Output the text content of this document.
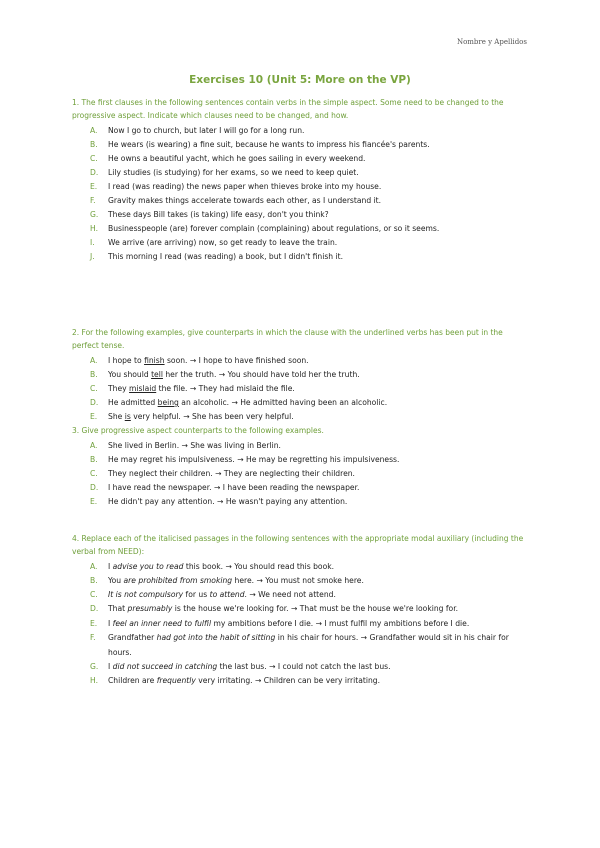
Nombre y Apellidos
Exercises 10 (Unit 5: More on the VP)

1. The first clauses in the following sentences contain verbs in the simple aspect. Some need to be changed to the progressive aspect. Indicate which clauses need to be changed, and how.

A. Now I go to church, but later I will go for a long run.
B. He wears (is wearing) a fine suit, because he wants to impress his fiancée's parents.
C. He owns a beautiful yacht, which he goes sailing in every weekend.
D. Lily studies (is studying) for her exams, so we need to keep quiet.
E. I read (was reading) the news paper when thieves broke into my house.
F. Gravity makes things accelerate towards each other, as I understand it.
G. These days Bill takes (is taking) life easy, don't you think?
H. Businesspeople (are) forever complain (complaining) about regulations, or so it seems.
I. We arrive (are arriving) now, so get ready to leave the train.
J. This morning I read (was reading) a book, but I didn't finish it.

2. For the following examples, give counterparts in which the clause with the underlined verbs has been put in the perfect tense.

A. I hope to finish soon. → I hope to have finished soon.
B. You should tell her the truth. → You should have told her the truth.
C. They mislaid the file. → They had mislaid the file.
D. He admitted being an alcoholic. → He admitted having been an alcoholic.
E. She is very helpful. → She has been very helpful.

3. Give progressive aspect counterparts to the following examples.

A. She lived in Berlin. → She was living in Berlin.
B. He may regret his impulsiveness. → He may be regretting his impulsiveness.
C. They neglect their children. → They are neglecting their children.
D. I have read the newspaper. → I have been reading the newspaper.
E. He didn't pay any attention. → He wasn't paying any attention.

4. Replace each of the italicised passages in the following sentences with the appropriate modal auxiliary (including the verbal from NEED):

A. I advise you to read this book. → You should read this book.
B. You are prohibited from smoking here. → You must not smoke here.
C. It is not compulsory for us to attend. → We need not attend.
D. That presumably is the house we're looking for. → That must be the house we're looking for.
E. I feel an inner need to fulfil my ambitions before I die. → I must fulfil my ambitions before I die.
F. Grandfather had got into the habit of sitting in his chair for hours. → Grandfather would sit in his chair for hours.
G. I did not succeed in catching the last bus. → I could not catch the last bus.
H. Children are frequently very irritating. → Children can be very irritating.
